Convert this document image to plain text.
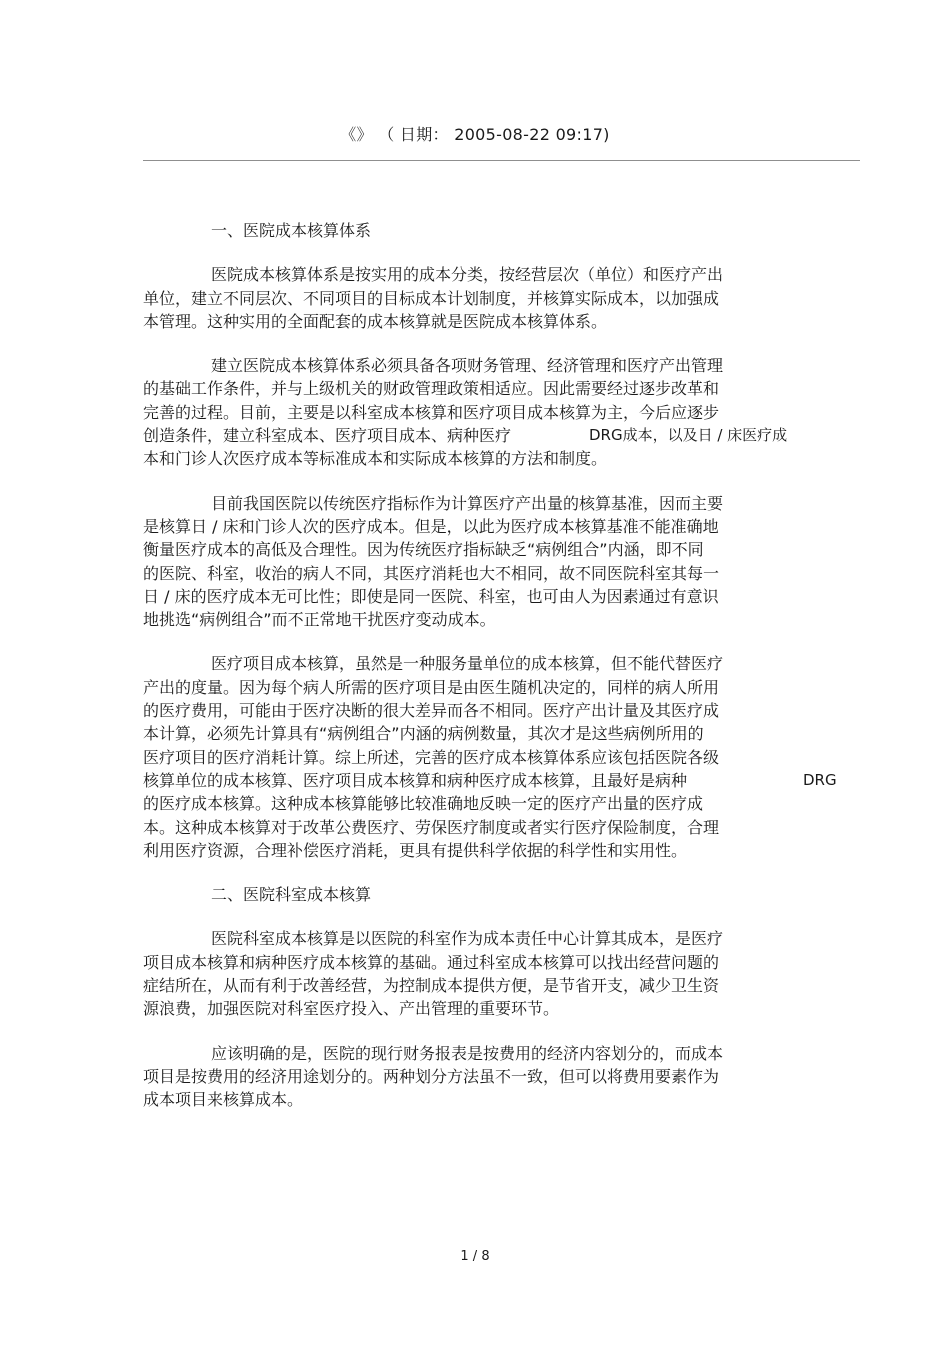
《》 （ 日期： 2005-08-22 09:17)
一、医院成本核算体系
医院成本核算体系是按实用的成本分类，按经营层次（单位）和医疗产出
单位，建立不同层次、不同项目的目标成本计划制度，并核算实际成本，以加强成
本管理。这种实用的全面配套的成本核算就是医院成本核算体系。
建立医院成本核算体系必须具备各项财务管理、经济管理和医疗产出管理
的基础工作条件，并与上级机关的财政管理政策相适应。因此需要经过逐步改革和
完善的过程。目前，主要是以科室成本核算和医疗项目成本核算为主，今后应逐步
创造条件，建立科室成本、医疗项目成本、病种医疗	DRG成本，以及日 / 床医疗成
本和门诊人次医疗成本等标准成本和实际成本核算的方法和制度。
目前我国医院以传统医疗指标作为计算医疗产出量的核算基准，因而主要
是核算日 / 床和门诊人次的医疗成本。但是，以此为医疗成本核算基准不能准确地
衡量医疗成本的高低及合理性。因为传统医疗指标缺乏“病例组合”内涵，即不同
的医院、科室，收治的病人不同，其医疗消耗也大不相同，故不同医院科室其每一
日 / 床的医疗成本无可比性；即使是同一医院、科室，也可由人为因素通过有意识
地挑选“病例组合”而不正常地干扰医疗变动成本。
医疗项目成本核算，虽然是一种服务量单位的成本核算，但不能代替医疗
产出的度量。因为每个病人所需的医疗项目是由医生随机决定的，同样的病人所用
的医疗费用，可能由于医疗决断的很大差异而各不相同。医疗产出计量及其医疗成
本计算，必须先计算具有“病例组合”内涵的病例数量，其次才是这些病例所用的
医疗项目的医疗消耗计算。综上所述，完善的医疗成本核算体系应该包括医院各级
核算单位的成本核算、医疗项目成本核算和病种医疗成本核算，且最好是病种	DRG
的医疗成本核算。这种成本核算能够比较准确地反映一定的医疗产出量的医疗成
本。这种成本核算对于改革公费医疗、劳保医疗制度或者实行医疗保险制度，合理
利用医疗资源，合理补偿医疗消耗，更具有提供科学依据的科学性和实用性。
二、医院科室成本核算
医院科室成本核算是以医院的科室作为成本责任中心计算其成本，是医疗
项目成本核算和病种医疗成本核算的基础。通过科室成本核算可以找出经营问题的
症结所在，从而有利于改善经营，为控制成本提供方便，是节省开支，减少卫生资
源浪费，加强医院对科室医疗投入、产出管理的重要环节。
应该明确的是，医院的现行财务报表是按费用的经济内容划分的，而成本
项目是按费用的经济用途划分的。两种划分方法虽不一致，但可以将费用要素作为
成本项目来核算成本。
1 / 8
